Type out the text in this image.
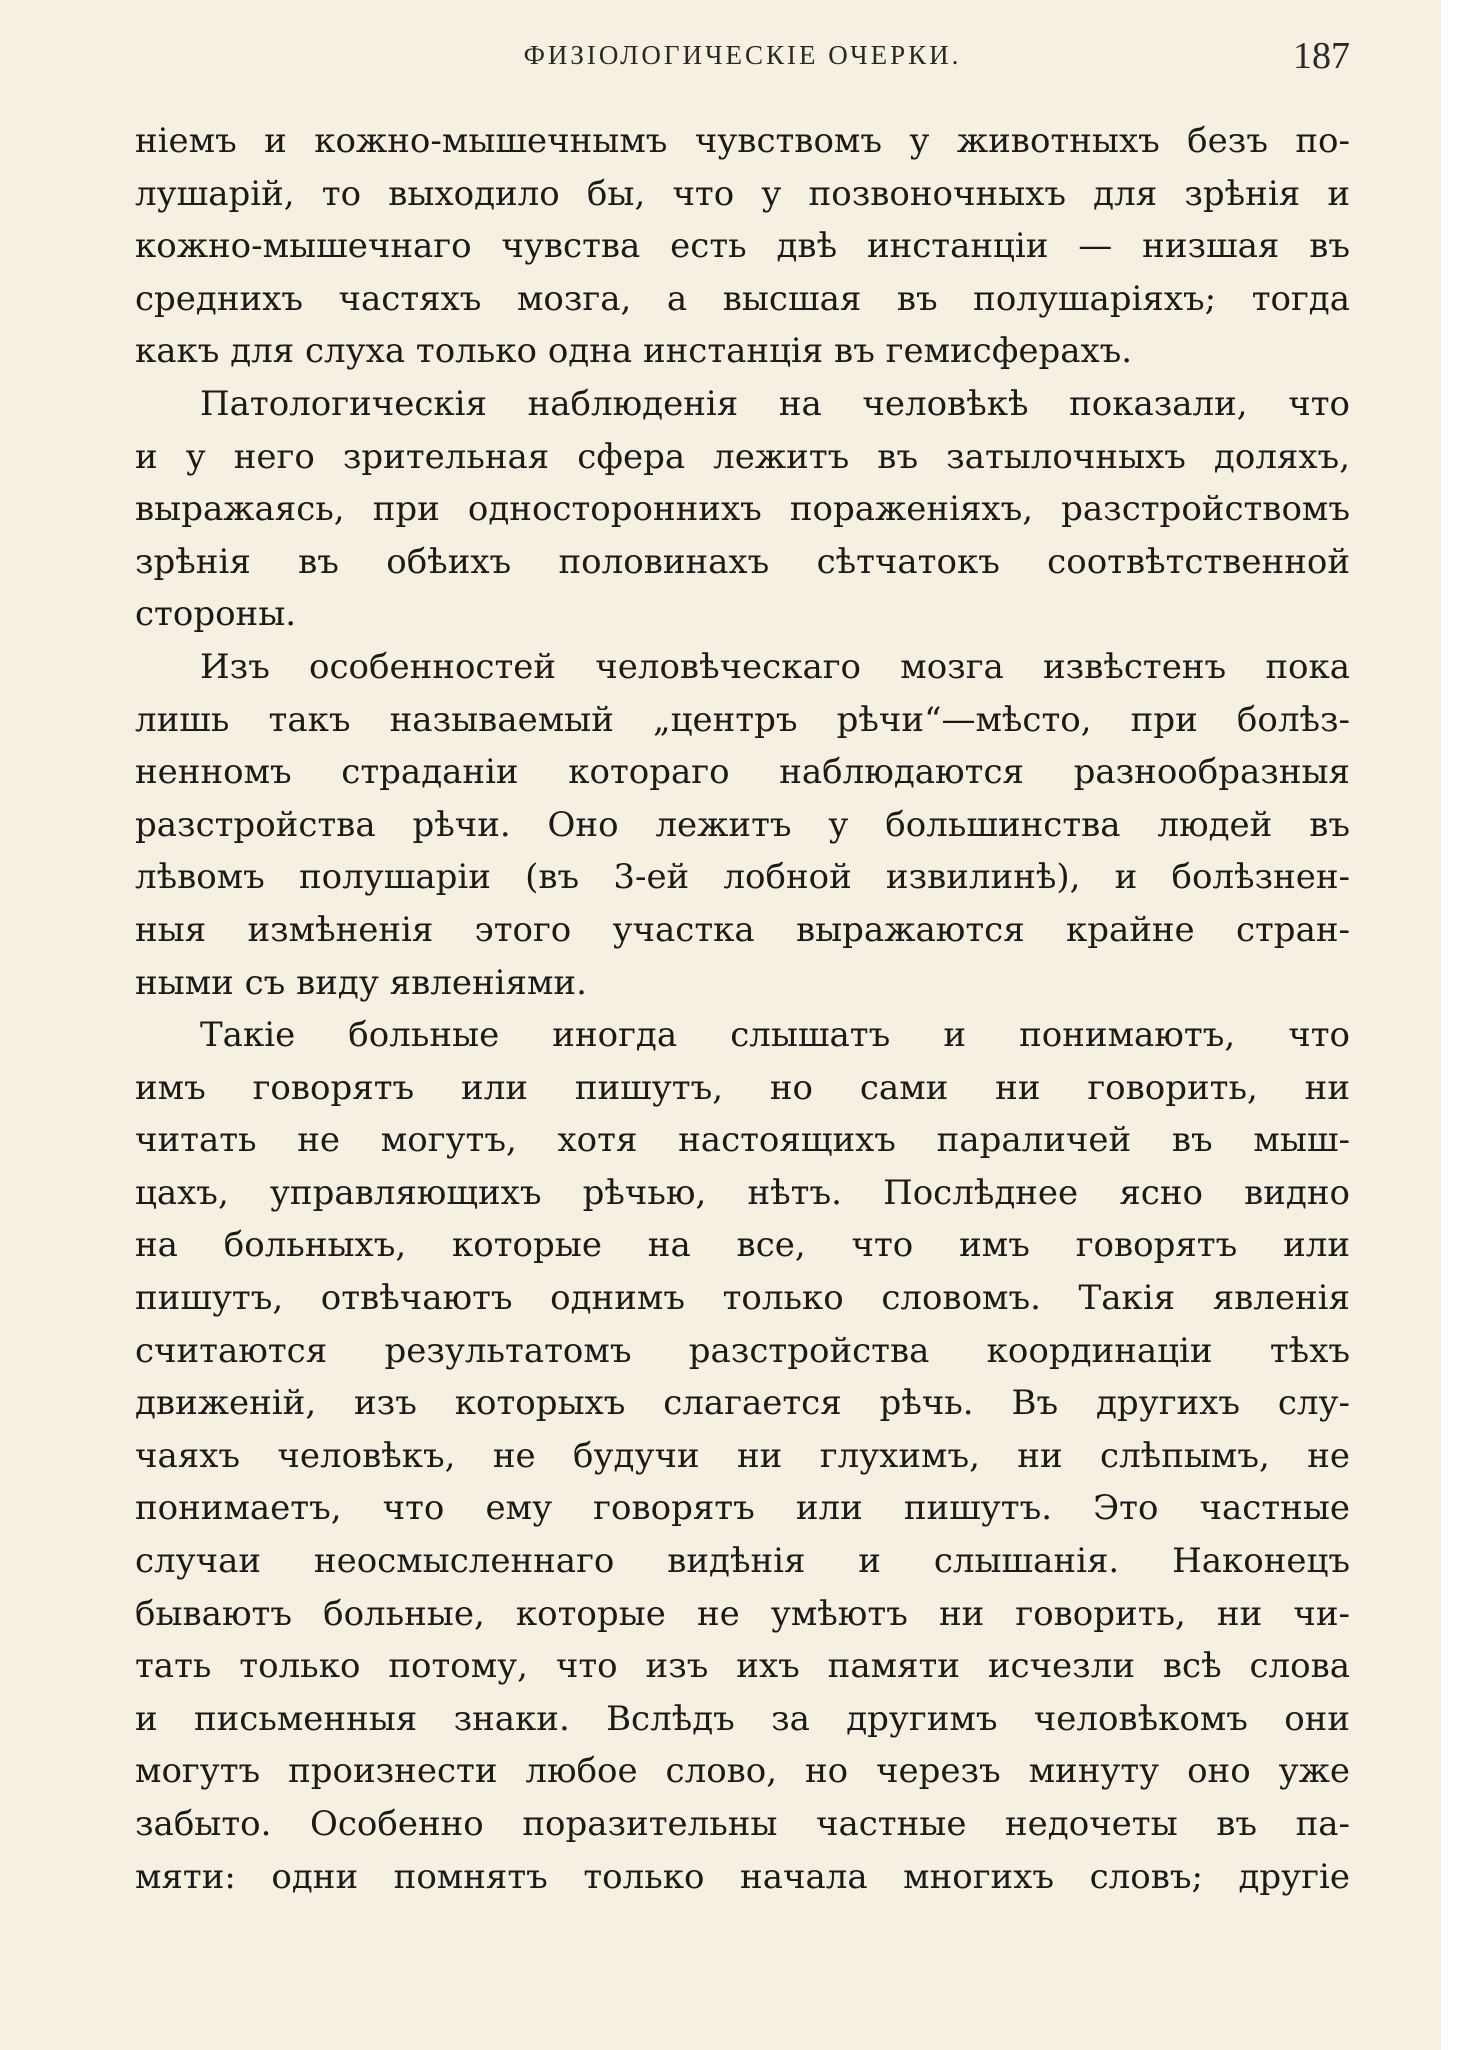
ФИЗІОЛОГИЧЕСКІЕ ОЧЕРКИ.	187
ніемъ и кожно-мышечнымъ чувствомъ у животныхъ безъ по-
лушарій, то выходило бы, что у позвоночныхъ для зрѣнія и
кожно-мышечнаго чувства есть двѣ инстанціи — низшая въ
среднихъ частяхъ мозга, а высшая въ полушаріяхъ; тогда
какъ для слуха только одна инстанція въ гемисферахъ.
Патологическія наблюденія на человѣкѣ показали, что
и у него зрительная сфера лежитъ въ затылочныхъ доляхъ,
выражаясь, при одностороннихъ пораженіяхъ, разстройствомъ
зрѣнія въ обѣихъ половинахъ сѣтчатокъ соотвѣтственной
стороны.
Изъ особенностей человѣческаго мозга извѣстенъ пока
лишь такъ называемый „центръ рѣчи“—мѣсто, при болѣз-
ненномъ страданіи котораго наблюдаются разнообразныя
разстройства рѣчи. Оно лежитъ у большинства людей въ
лѣвомъ полушаріи (въ 3-ей лобной извилинѣ), и болѣзнен-
ныя измѣненія этого участка выражаются крайне стран-
ными съ виду явленіями.
Такіе больные иногда слышатъ и понимаютъ, что
имъ говорятъ или пишутъ, но сами ни говорить, ни
читать не могутъ, хотя настоящихъ параличей въ мыш-
цахъ, управляющихъ рѣчью, нѣтъ. Послѣднее ясно видно
на больныхъ, которые на все, что имъ говорятъ или
пишутъ, отвѣчаютъ однимъ только словомъ. Такія явленія
считаются результатомъ разстройства координаціи тѣхъ
движеній, изъ которыхъ слагается рѣчь. Въ другихъ слу-
чаяхъ человѣкъ, не будучи ни глухимъ, ни слѣпымъ, не
понимаетъ, что ему говорятъ или пишутъ. Это частные
случаи неосмысленнаго видѣнія и слышанія. Наконецъ
бываютъ больные, которые не умѣютъ ни говорить, ни чи-
тать только потому, что изъ ихъ памяти исчезли всѣ слова
и письменныя знаки. Вслѣдъ за другимъ человѣкомъ они
могутъ произнести любое слово, но черезъ минуту оно уже
забыто. Особенно поразительны частные недочеты въ па-
мяти: одни помнятъ только начала многихъ словъ; другіе
